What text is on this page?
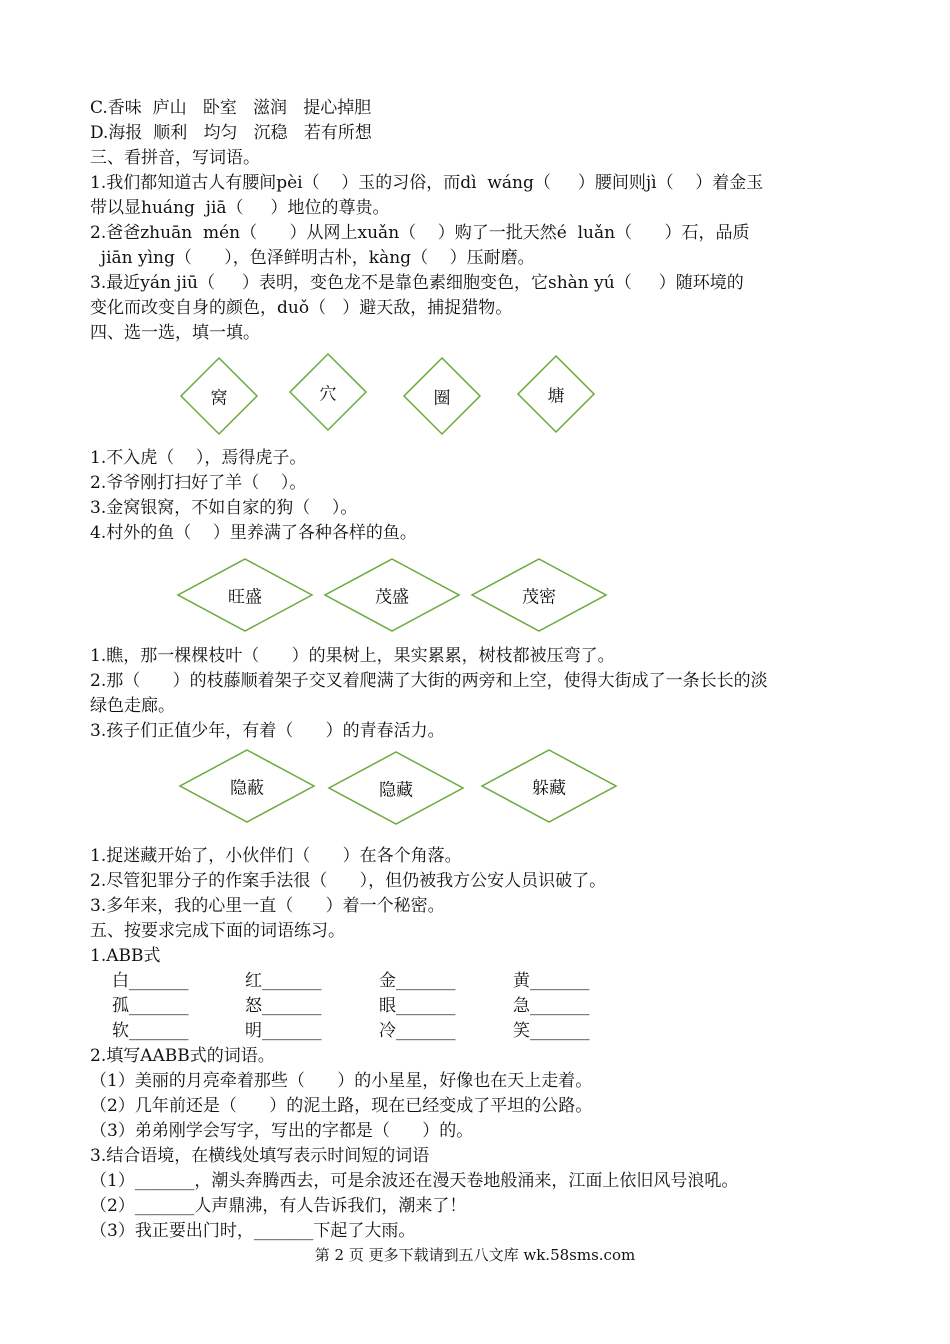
C.香味  庐山   卧室   滋润   提心掉胆
D.海报  顺利   均匀   沉稳   若有所想
三、看拼音，写词语。
1.我们都知道古人有腰间pèi（    ）玉的习俗，而dì  wáng（     ）腰间则jì（    ）着金玉
带以显huáng  jiā（     ）地位的尊贵。
2.爸爸zhuān  mén（      ）从网上xuǎn（    ）购了一批天然é  luǎn（      ）石，品质
jiān yìng（      ），色泽鲜明古朴，kàng（    ）压耐磨。
3.最近yán jiū（     ）表明，变色龙不是靠色素细胞变色，它shàn yú（     ）随环境的
变化而改变自身的颜色，duǒ（   ）避天敌，捕捉猎物。
四、选一选，填一填。
窝	穴	圈	塘
1.不入虎（    ），焉得虎子。
2.爷爷刚打扫好了羊（    ）。
3.金窝银窝，不如自家的狗（    ）。
4.村外的鱼（    ）里养满了各种各样的鱼。
旺盛	茂盛	茂密
1.瞧，那一棵棵枝叶（      ）的果树上，果实累累，树枝都被压弯了。
2.那（      ）的枝藤顺着架子交叉着爬满了大街的两旁和上空，使得大街成了一条长长的淡
绿色走廊。
3.孩子们正值少年，有着（      ）的青春活力。
隐蔽	隐藏	躲藏
1.捉迷藏开始了，小伙伴们（      ）在各个角落。
2.尽管犯罪分子的作案手法很（      ），但仍被我方公安人员识破了。
3.多年来，我的心里一直（      ）着一个秘密。
五、按要求完成下面的词语练习。
1.ABB式
白_______	红_______	金_______	黄_______
孤_______	怒_______	眼_______	急_______
软_______	明_______	冷_______	笑_______
2.填写AABB式的词语。
（1）美丽的月亮牵着那些（      ）的小星星，好像也在天上走着。
（2）几年前还是（      ）的泥土路，现在已经变成了平坦的公路。
（3）弟弟刚学会写字，写出的字都是（      ）的。
3.结合语境，在横线处填写表示时间短的词语
（1）_______，潮头奔腾西去，可是余波还在漫天卷地般涌来，江面上依旧风号浪吼。
（2）_______人声鼎沸，有人告诉我们，潮来了！
（3）我正要出门时，_______下起了大雨。
第 2 页 更多下载请到五八文库 wk.58sms.com
